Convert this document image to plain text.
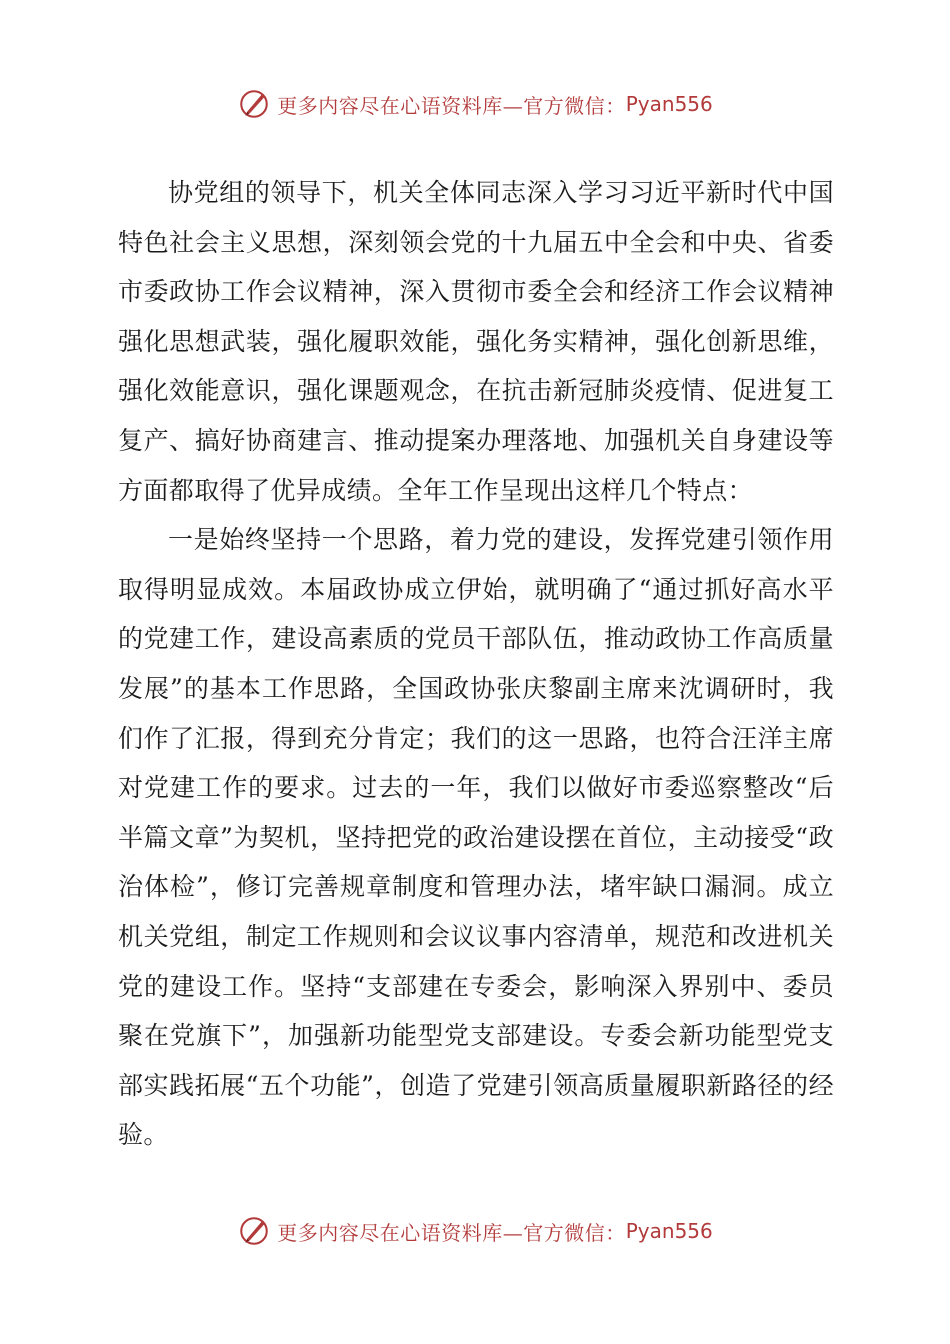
更多内容尽在心语资料库—官方微信： Pyan556

协党组的领导下，机关全体同志深入学习习近平新时代中国特色社会主义思想，深刻领会党的十九届五中全会和中央、省委市委政协工作会议精神，深入贯彻市委全会和经济工作会议精神强化思想武装，强化履职效能，强化务实精神，强化创新思维，强化效能意识，强化课题观念，在抗击新冠肺炎疫情、促进复工复产、搞好协商建言、推动提案办理落地、加强机关自身建设等方面都取得了优异成绩。全年工作呈现出这样几个特点：

一是始终坚持一个思路，着力党的建设，发挥党建引领作用取得明显成效。本届政协成立伊始，就明确了“通过抓好高水平的党建工作，建设高素质的党员干部队伍，推动政协工作高质量发展”的基本工作思路，全国政协张庆黎副主席来沈调研时，我们作了汇报，得到充分肯定；我们的这一思路，也符合汪洋主席对党建工作的要求。过去的一年，我们以做好市委巡察整改“后半篇文章”为契机，坚持把党的政治建设摆在首位，主动接受“政治体检”，修订完善规章制度和管理办法，堵牢缺口漏洞。成立机关党组，制定工作规则和会议议事内容清单，规范和改进机关党的建设工作。坚持“支部建在专委会，影响深入界别中、委员聚在党旗下”，加强新功能型党支部建设。专委会新功能型党支部实践拓展“五个功能”，创造了党建引领高质量履职新路径的经验。

更多内容尽在心语资料库—官方微信： Pyan556
